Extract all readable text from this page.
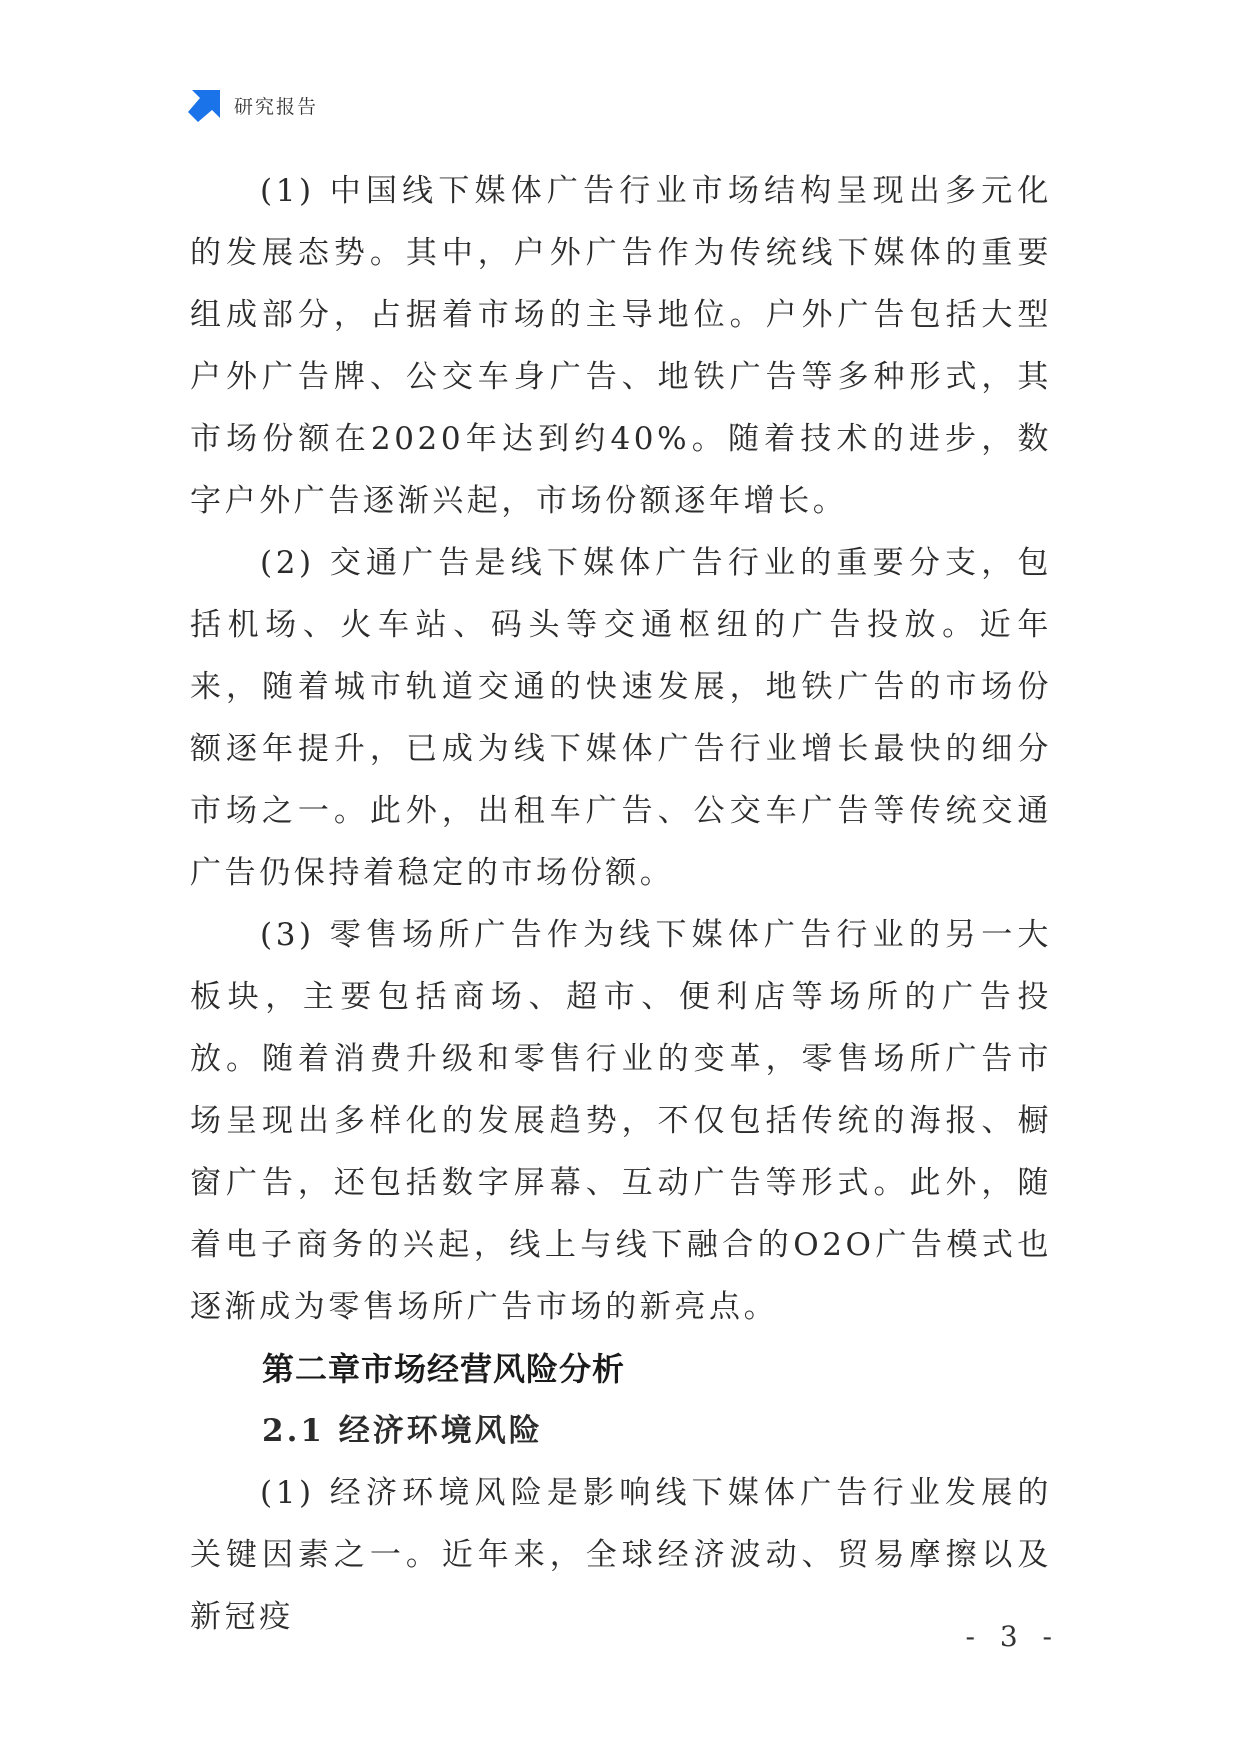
研究报告

(1) 中国线下媒体广告行业市场结构呈现出多元化的发展态势。其中，户外广告作为传统线下媒体的重要组成部分，占据着市场的主导地位。户外广告包括大型户外广告牌、公交车身广告、地铁广告等多种形式，其市场份额在2020年达到约40%。随着技术的进步，数字户外广告逐渐兴起，市场份额逐年增长。

(2) 交通广告是线下媒体广告行业的重要分支，包括机场、火车站、码头等交通枢纽的广告投放。近年来，随着城市轨道交通的快速发展，地铁广告的市场份额逐年提升，已成为线下媒体广告行业增长最快的细分市场之一。此外，出租车广告、公交车广告等传统交通广告仍保持着稳定的市场份额。

(3) 零售场所广告作为线下媒体广告行业的另一大板块，主要包括商场、超市、便利店等场所的广告投放。随着消费升级和零售行业的变革，零售场所广告市场呈现出多样化的发展趋势，不仅包括传统的海报、橱窗广告，还包括数字屏幕、互动广告等形式。此外，随着电子商务的兴起，线上与线下融合的O2O广告模式也逐渐成为零售场所广告市场的新亮点。

第二章市场经营风险分析
2.1 经济环境风险

(1) 经济环境风险是影响线下媒体广告行业发展的关键因素之一。近年来，全球经济波动、贸易摩擦以及新冠疫

- 3 -
